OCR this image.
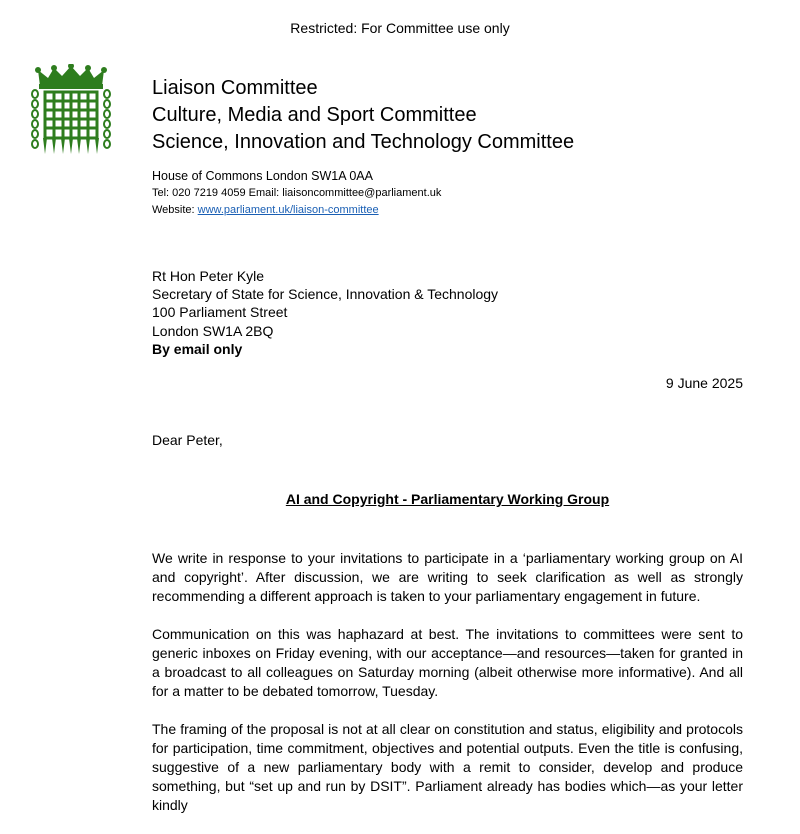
Restricted: For Committee use only
Liaison Committee
Culture, Media and Sport Committee
Science, Innovation and Technology Committee
House of Commons London SW1A 0AA
Tel: 020 7219 4059 Email: liaisoncommittee@parliament.uk
Website: www.parliament.uk/liaison-committee
Rt Hon Peter Kyle
Secretary of State for Science, Innovation & Technology
100 Parliament Street
London SW1A 2BQ
By email only
9 June 2025
Dear Peter,
AI and Copyright - Parliamentary Working Group

We write in response to your invitations to participate in a ‘parliamentary working group on AI and copyright’. After discussion, we are writing to seek clarification as well as strongly recommending a different approach is taken to your parliamentary engagement in future.

Communication on this was haphazard at best. The invitations to committees were sent to generic inboxes on Friday evening, with our acceptance—and resources—taken for granted in a broadcast to all colleagues on Saturday morning (albeit otherwise more informative). And all for a matter to be debated tomorrow, Tuesday.

The framing of the proposal is not at all clear on constitution and status, eligibility and protocols for participation, time commitment, objectives and potential outputs. Even the title is confusing, suggestive of a new parliamentary body with a remit to consider, develop and produce something, but “set up and run by DSIT”. Parliament already has bodies which—as your letter kindly
